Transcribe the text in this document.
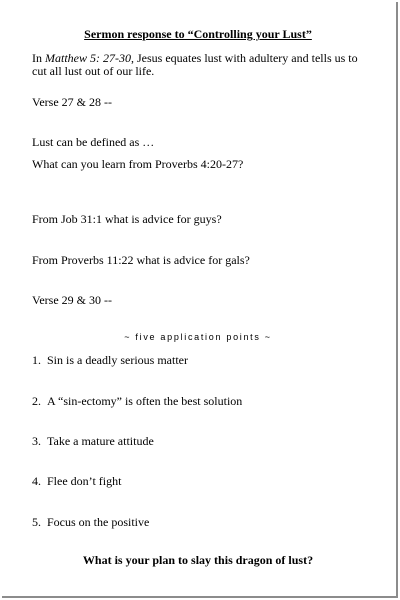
Sermon response to “Controlling your Lust”
In Matthew 5: 27-30, Jesus equates lust with adultery and tells us to cut all lust out of our life.
Verse 27 & 28 --
Lust can be defined as …
What can you learn from Proverbs 4:20-27?
From Job 31:1 what is advice for guys?
From Proverbs 11:22 what is advice for gals?
Verse 29 & 30 --
~ five application points ~
1. Sin is a deadly serious matter
2. A “sin-ectomy” is often the best solution
3. Take a mature attitude
4. Flee don’t fight
5. Focus on the positive
What is your plan to slay this dragon of lust?
